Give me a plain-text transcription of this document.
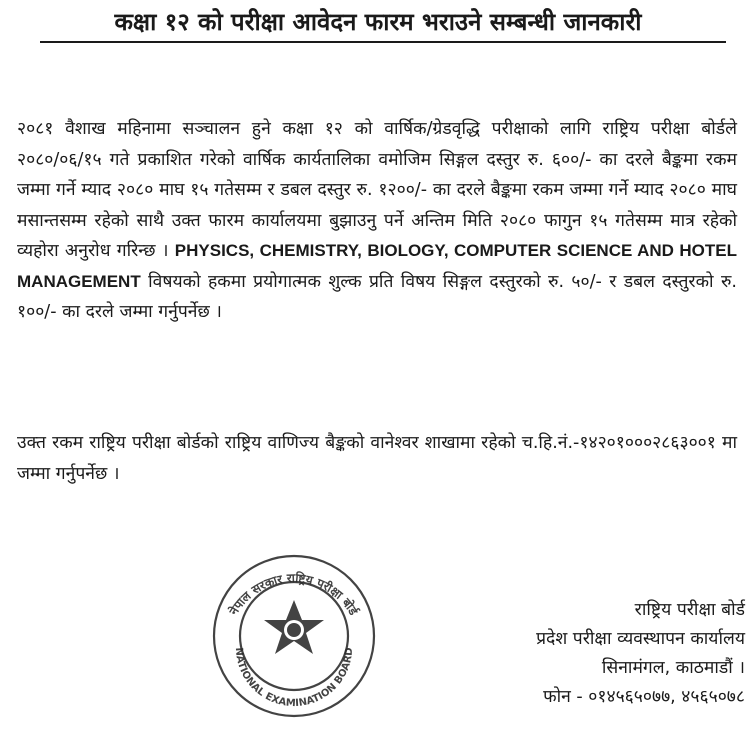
कक्षा १२ को परीक्षा आवेदन फारम भराउने सम्बन्धी जानकारी

२०८१ वैशाख महिनामा सञ्चालन हुने कक्षा १२ को वार्षिक/ग्रेडवृद्धि परीक्षाको लागि राष्ट्रिय परीक्षा बोर्डले २०८०/०६/१५ गते प्रकाशित गरेको वार्षिक कार्यतालिका वमोजिम सिङ्गल दस्तुर रु. ६००/- का दरले बैङ्कमा रकम जम्मा गर्ने म्याद २०८० माघ १५ गतेसम्म र डबल दस्तुर रु. १२००/- का दरले बैङ्कमा रकम जम्मा गर्ने म्याद २०८० माघ मसान्तसम्म रहेको साथै उक्त फारम कार्यालयमा बुझाउनु पर्ने अन्तिम मिति २०८० फागुन १५ गतेसम्म मात्र रहेको व्यहोरा अनुरोध गरिन्छ । PHYSICS, CHEMISTRY, BIOLOGY, COMPUTER SCIENCE AND HOTEL MANAGEMENT विषयको हकमा प्रयोगात्मक शुल्क प्रति विषय सिङ्गल दस्तुरको रु. ५०/- र डबल दस्तुरको रु. १००/- का दरले जम्मा गर्नुपर्नेछ ।

उक्त रकम राष्ट्रिय परीक्षा बोर्डको राष्ट्रिय वाणिज्य बैङ्कको वानेश्वर शाखामा रहेको च.हि.नं.-१४२०१०००२८६३००१ मा जम्मा गर्नुपर्नेछ ।

नेपाल सरकार राष्ट्रिय परीक्षा बोर्ड
NATIONAL EXAMINATION BOARD
राष्ट्रिय परीक्षा बोर्ड
प्रदेश परीक्षा व्यवस्थापन कार्यालय
सिनामंगल, काठमाडौं ।
फोन - ०१४५६५०७७, ४५६५०७८
